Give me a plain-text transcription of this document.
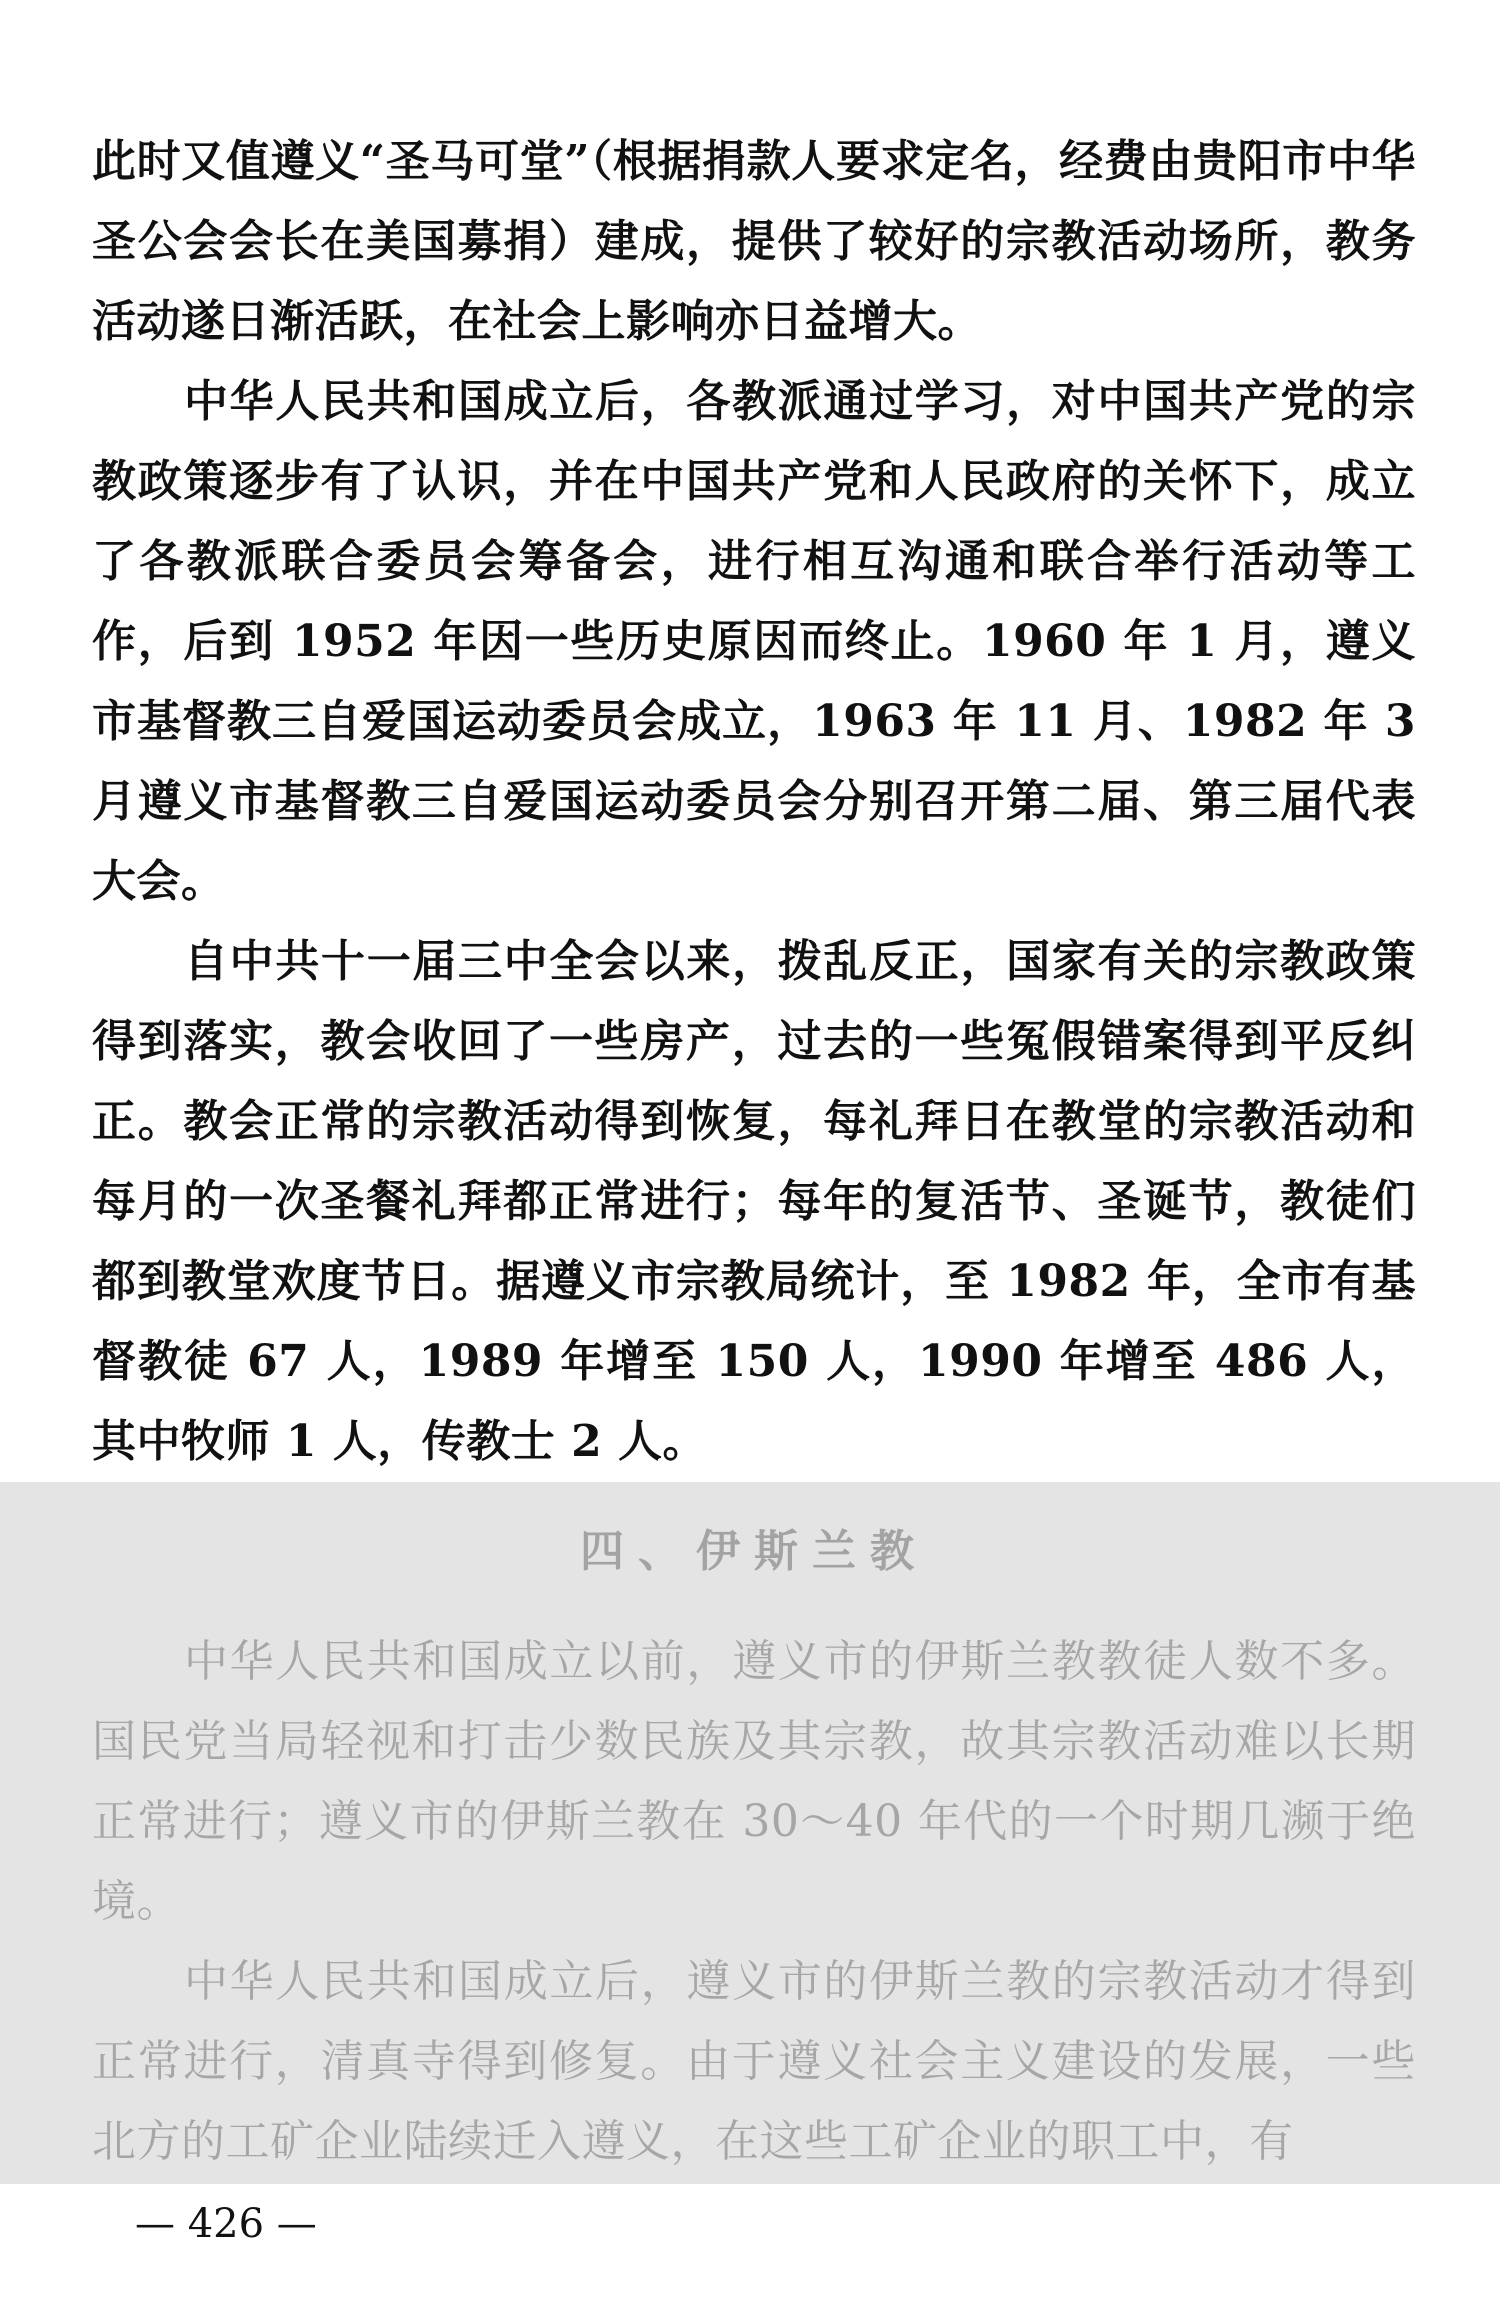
此时又值遵义“圣马可堂”（根据捐款人要求定名，经费由贵阳市中华圣公会会长在美国募捐）建成，提供了较好的宗教活动场所，教务活动遂日渐活跃，在社会上影响亦日益增大。

中华人民共和国成立后，各教派通过学习，对中国共产党的宗教政策逐步有了认识，并在中国共产党和人民政府的关怀下，成立了各教派联合委员会筹备会，进行相互沟通和联合举行活动等工作，后到 1952 年因一些历史原因而终止。1960 年 1 月，遵义市基督教三自爱国运动委员会成立，1963 年 11 月、1982 年 3 月遵义市基督教三自爱国运动委员会分别召开第二届、第三届代表大会。

自中共十一届三中全会以来，拨乱反正，国家有关的宗教政策得到落实，教会收回了一些房产，过去的一些冤假错案得到平反纠正。教会正常的宗教活动得到恢复，每礼拜日在教堂的宗教活动和每月的一次圣餐礼拜都正常进行；每年的复活节、圣诞节，教徒们都到教堂欢度节日。据遵义市宗教局统计，至 1982 年，全市有基督教徒 67 人，1989 年增至 150 人，1990 年增至 486 人，其中牧师 1 人，传教士 2 人。

四、伊斯兰教

中华人民共和国成立以前，遵义市的伊斯兰教教徒人数不多。国民党当局轻视和打击少数民族及其宗教，故其宗教活动难以长期正常进行；遵义市的伊斯兰教在 30～40 年代的一个时期几濒于绝境。

中华人民共和国成立后，遵义市的伊斯兰教的宗教活动才得到正常进行，清真寺得到修复。由于遵义社会主义建设的发展，一些北方的工矿企业陆续迁入遵义，在这些工矿企业的职工中，有

— 426 —
